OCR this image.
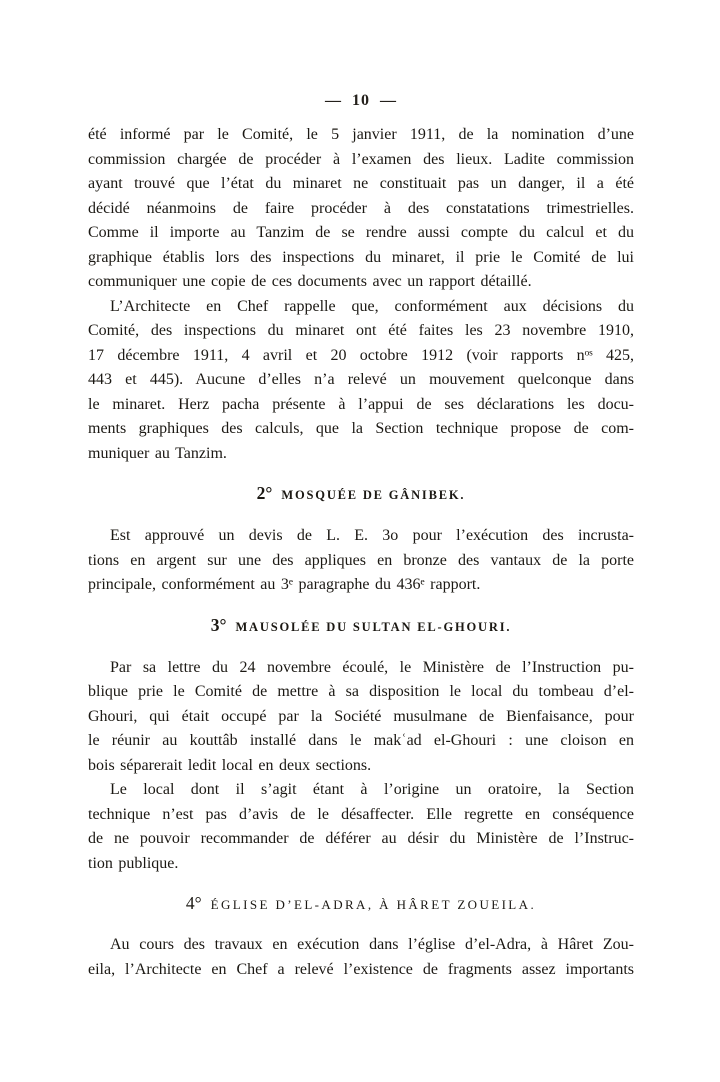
— 10 —
été informé par le Comité, le 5 janvier 1911, de la nomination d’une
commission chargée de procéder à l’examen des lieux. Ladite commission
ayant trouvé que l’état du minaret ne constituait pas un danger, il a été
décidé néanmoins de faire procéder à des constatations trimestrielles.
Comme il importe au Tanzim de se rendre aussi compte du calcul et du
graphique établis lors des inspections du minaret, il prie le Comité de lui
communiquer une copie de ces documents avec un rapport détaillé.
L’Architecte en Chef rappelle que, conformément aux décisions du
Comité, des inspections du minaret ont été faites les 23 novembre 1910,
17 décembre 1911, 4 avril et 20 octobre 1912 (voir rapports nᵒˢ 425,
443 et 445). Aucune d’elles n’a relevé un mouvement quelconque dans
le minaret. Herz pacha présente à l’appui de ses déclarations les docu-
ments graphiques des calculs, que la Section technique propose de com-
muniquer au Tanzim.
2° MOSQUÉE DE GÂNIBEK.
Est approuvé un devis de L. E. 3o pour l’exécution des incrusta-
tions en argent sur une des appliques en bronze des vantaux de la porte
principale, conformément au 3ᵉ paragraphe du 436ᵉ rapport.
3° MAUSOLÉE DU SULTAN EL-GHOURI.
Par sa lettre du 24 novembre écoulé, le Ministère de l’Instruction pu-
blique prie le Comité de mettre à sa disposition le local du tombeau d’el-
Ghouri, qui était occupé par la Société musulmane de Bienfaisance, pour
le réunir au kouttâb installé dans le makʿad el-Ghouri : une cloison en
bois séparerait ledit local en deux sections.
Le local dont il s’agit étant à l’origine un oratoire, la Section
technique n’est pas d’avis de le désaffecter. Elle regrette en conséquence
de ne pouvoir recommander de déférer au désir du Ministère de l’Instruc-
tion publique.
4° ÉGLISE D’EL-ADRA, À HÂRET ZOUEILA.
Au cours des travaux en exécution dans l’église d’el-Adra, à Hâret Zou-
eila, l’Architecte en Chef a relevé l’existence de fragments assez importants
